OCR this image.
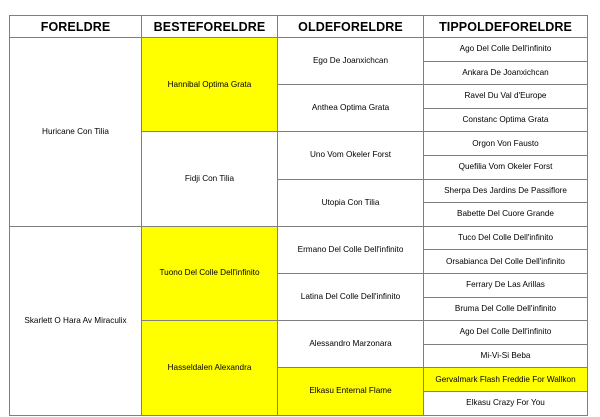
FORELDRE	BESTEFORELDRE	OLDEFORELDRE	TIPPOLDEFORELDRE
Huricane Con Tilia	Hannibal Optima Grata	Ego De Joanxichcan	Ago Del Colle Dell'infinito
			Ankara De Joanxichcan
		Anthea Optima Grata	Ravel Du Val d'Europe
			Constanc Optima Grata
	Fidji Con Tilia	Uno Vom Okeler Forst	Orgon Von Fausto
			Quefilia Vom Okeler Forst
		Utopia Con Tilia	Sherpa Des Jardins De Passiflore
			Babette Del Cuore Grande
Skarlett O Hara Av Miraculix	Tuono Del Colle Dell'infinito	Ermano Del Colle Dell'infinito	Tuco Del Colle Dell'infinito
			Orsabianca Del Colle Dell'infinito
		Latina Del Colle Dell'infinito	Ferrary De Las Arillas
			Bruma Del Colle Dell'infinito
	Hasseldalen Alexandra	Alessandro Marzonara	Ago Del Colle Dell'infinito
			Mi-Vi-Si Beba
		Elkasu Enternal Flame	Gervalmark Flash Freddie For Wallkon
			Elkasu Crazy For You
